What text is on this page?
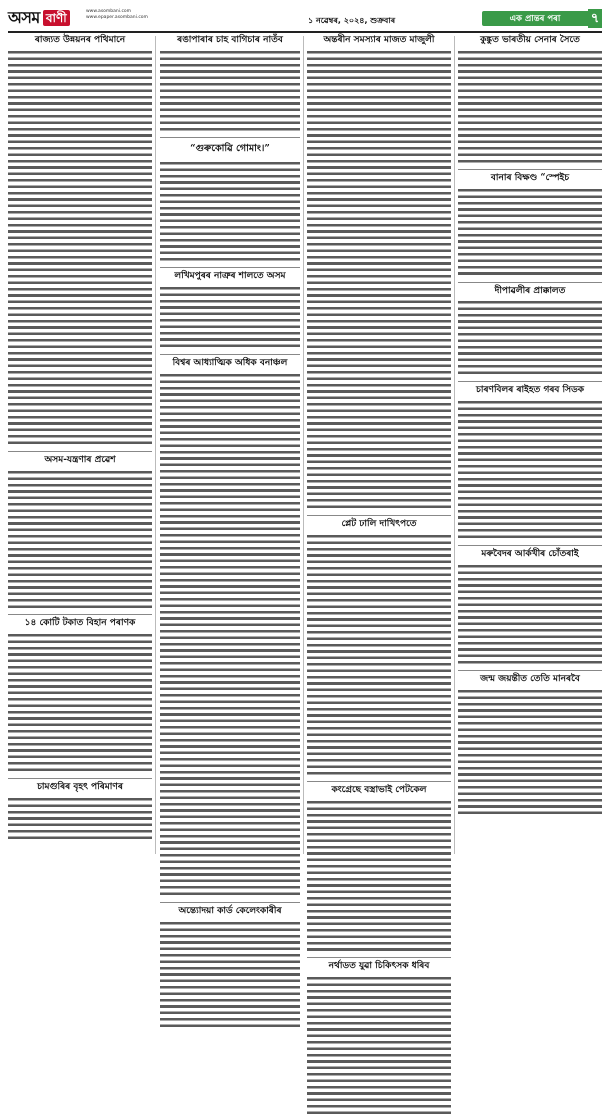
অসম বাণী	www.asombani.com
www.epaper.asombani.com	১ নৱেম্বৰ, ২০২৪, শুক্ৰবাৰ	এক প্ৰান্তৰ পৰা	৭
ৰাজ্যত উন্নয়নৰ পথিমানে
অসম-যন্ত্ৰণাৰ প্ৰৱেশ
১৪ কোটি টকাত বিহান পৰাণক
চামগুৰিৰ বৃহৎ পৰিমাণৰ
ৰঙাপাৰাৰ চাহ বাগিচাৰ নাতঁব
“গুৰুকোৱি গোমাং।”
লখিমপুৰৰ নাত্ৰুৰ শালতে অসম
বিশ্বৰ আধ্যাত্মিক অধিক বনাঞ্চল
অন্ত্যোদয়া কাৰ্ড কেলেংকাৰীৰ
অন্তৰীন সমস্যাৰ মাজত মাজুলী
প্লেট ঢালি দাখিৎপতে
কংগ্ৰেছে বস্ত্ৰাভাই পেটকেল
নৰ্থাডত যুৱা চিকিৎসক ধৰিব
কুঙ্কুত ভাৰতীয় সেনাৰ সৈতে
বানাৰ বিক্ষণ্ড “স্পেইচ
দীপাৱলীৰ প্ৰাক্কালত
চাৰণবিলৰ ৰাইহত গৰব সিডক
মৰুবৈদৰ আৰ্কখীৰ চোঁতৰাই
জন্ম জয়ন্তীত তেতি মানৰবৈ
